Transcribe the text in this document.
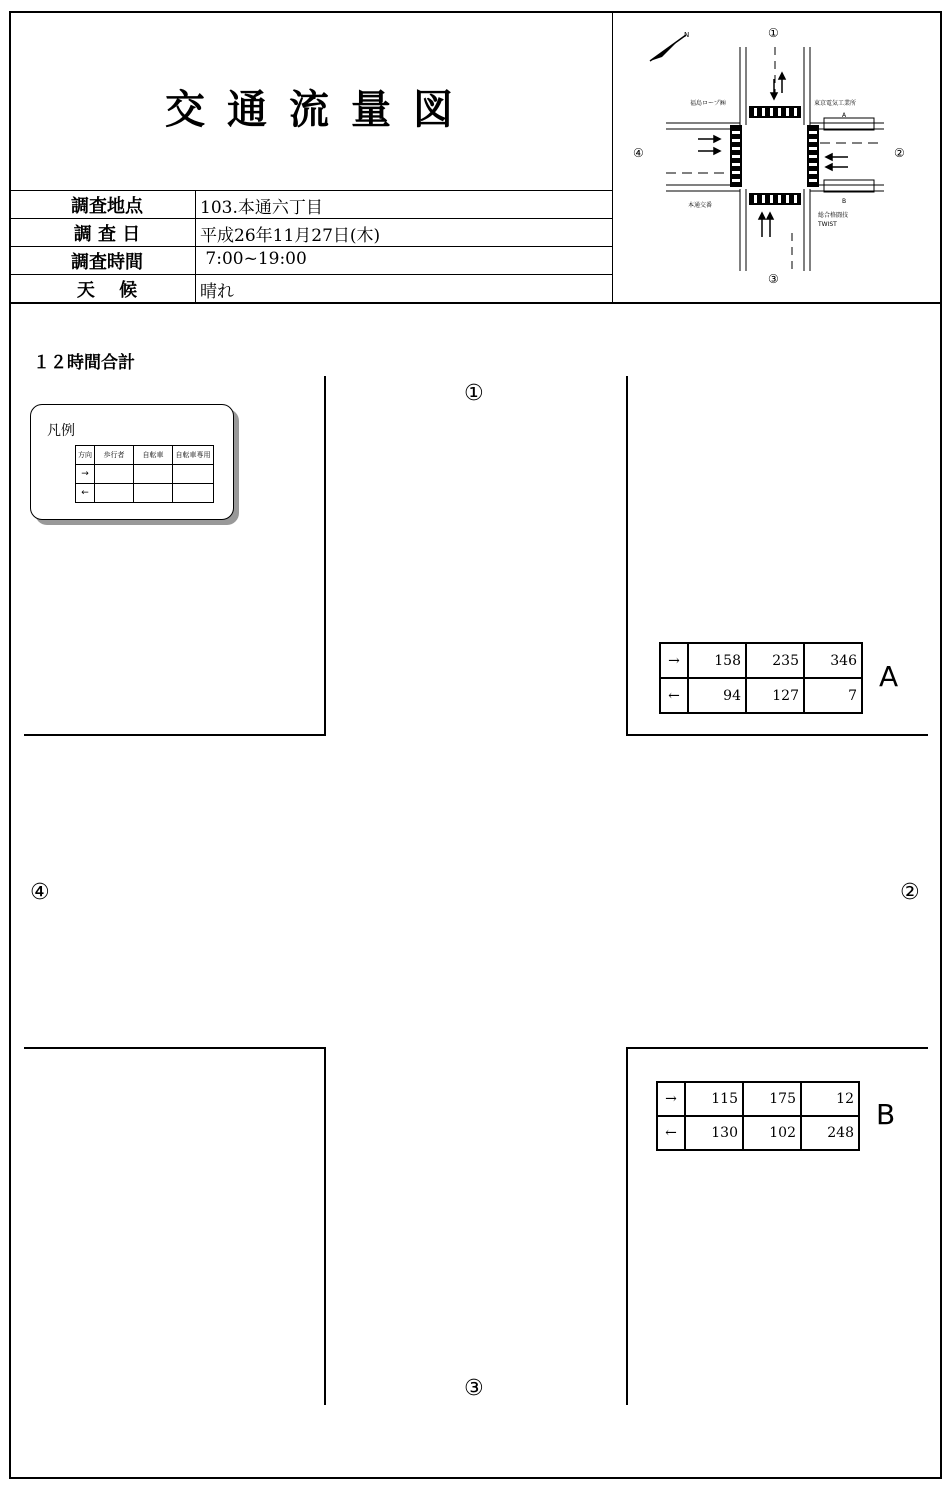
交通流量図
調査地点	103.本通六丁目
調 査 日	平成26年11月27日(木)
調査時間	7:00~19:00
天　 候	晴れ
N
④	②
①
③
福島ロープ㈱	東京電気工業所
A
B
本通交番
総合格闘技
TWIST
１２時間合計
①
②
③
④
凡例
方向	歩行者	自転車	自転車専用
→			
←			
→	158	235	346
←	94	127	7
A
→	115	175	12
←	130	102	248
B
